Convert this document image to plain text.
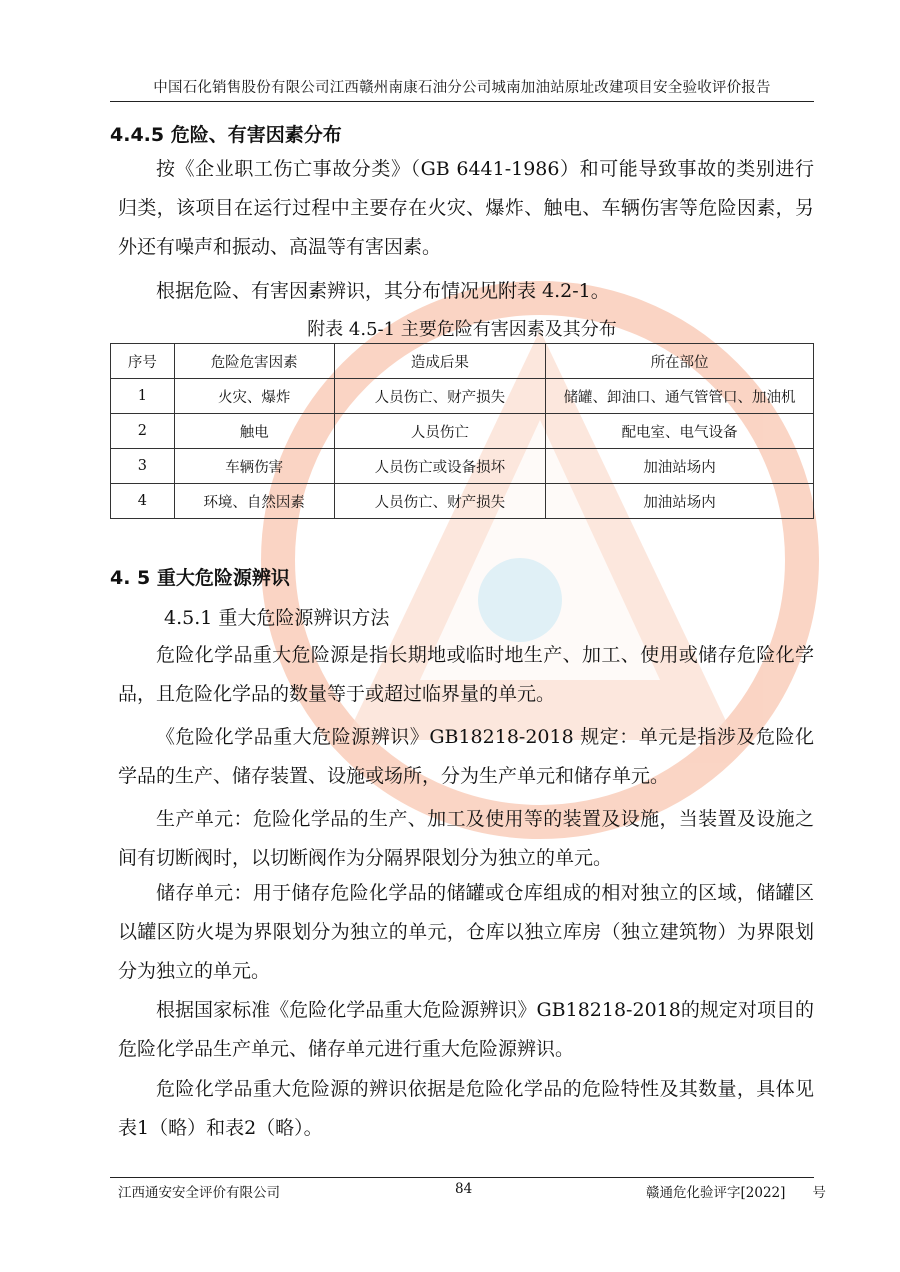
中国石化销售股份有限公司江西赣州南康石油分公司城南加油站原址改建项目安全验收评价报告
4.4.5 危险、有害因素分布
按《企业职工伤亡事故分类》（GB 6441-1986）和可能导致事故的类别进行归类，该项目在运行过程中主要存在火灾、爆炸、触电、车辆伤害等危险因素，另外还有噪声和振动、高温等有害因素。
根据危险、有害因素辨识，其分布情况见附表 4.2-1。
附表 4.5-1 主要危险有害因素及其分布
序号	危险危害因素	造成后果	所在部位
1	火灾、爆炸	人员伤亡、财产损失	储罐、卸油口、通气管管口、加油机
2	触电	人员伤亡	配电室、电气设备
3	车辆伤害	人员伤亡或设备损坏	加油站场内
4	环境、自然因素	人员伤亡、财产损失	加油站场内
4. 5 重大危险源辨识
4.5.1 重大危险源辨识方法
危险化学品重大危险源是指长期地或临时地生产、加工、使用或储存危险化学品，且危险化学品的数量等于或超过临界量的单元。
《危险化学品重大危险源辨识》GB18218-2018 规定：单元是指涉及危险化学品的生产、储存装置、设施或场所，分为生产单元和储存单元。
生产单元：危险化学品的生产、加工及使用等的装置及设施，当装置及设施之间有切断阀时，以切断阀作为分隔界限划分为独立的单元。
储存单元：用于储存危险化学品的储罐或仓库组成的相对独立的区域，储罐区以罐区防火堤为界限划分为独立的单元，仓库以独立库房（独立建筑物）为界限划分为独立的单元。
根据国家标准《危险化学品重大危险源辨识》GB18218-2018的规定对项目的危险化学品生产单元、储存单元进行重大危险源辨识。
危险化学品重大危险源的辨识依据是危险化学品的危险特性及其数量，具体见表1（略）和表2（略）。
江西通安安全评价有限公司	84	赣通危化验评字[2022]　　号
